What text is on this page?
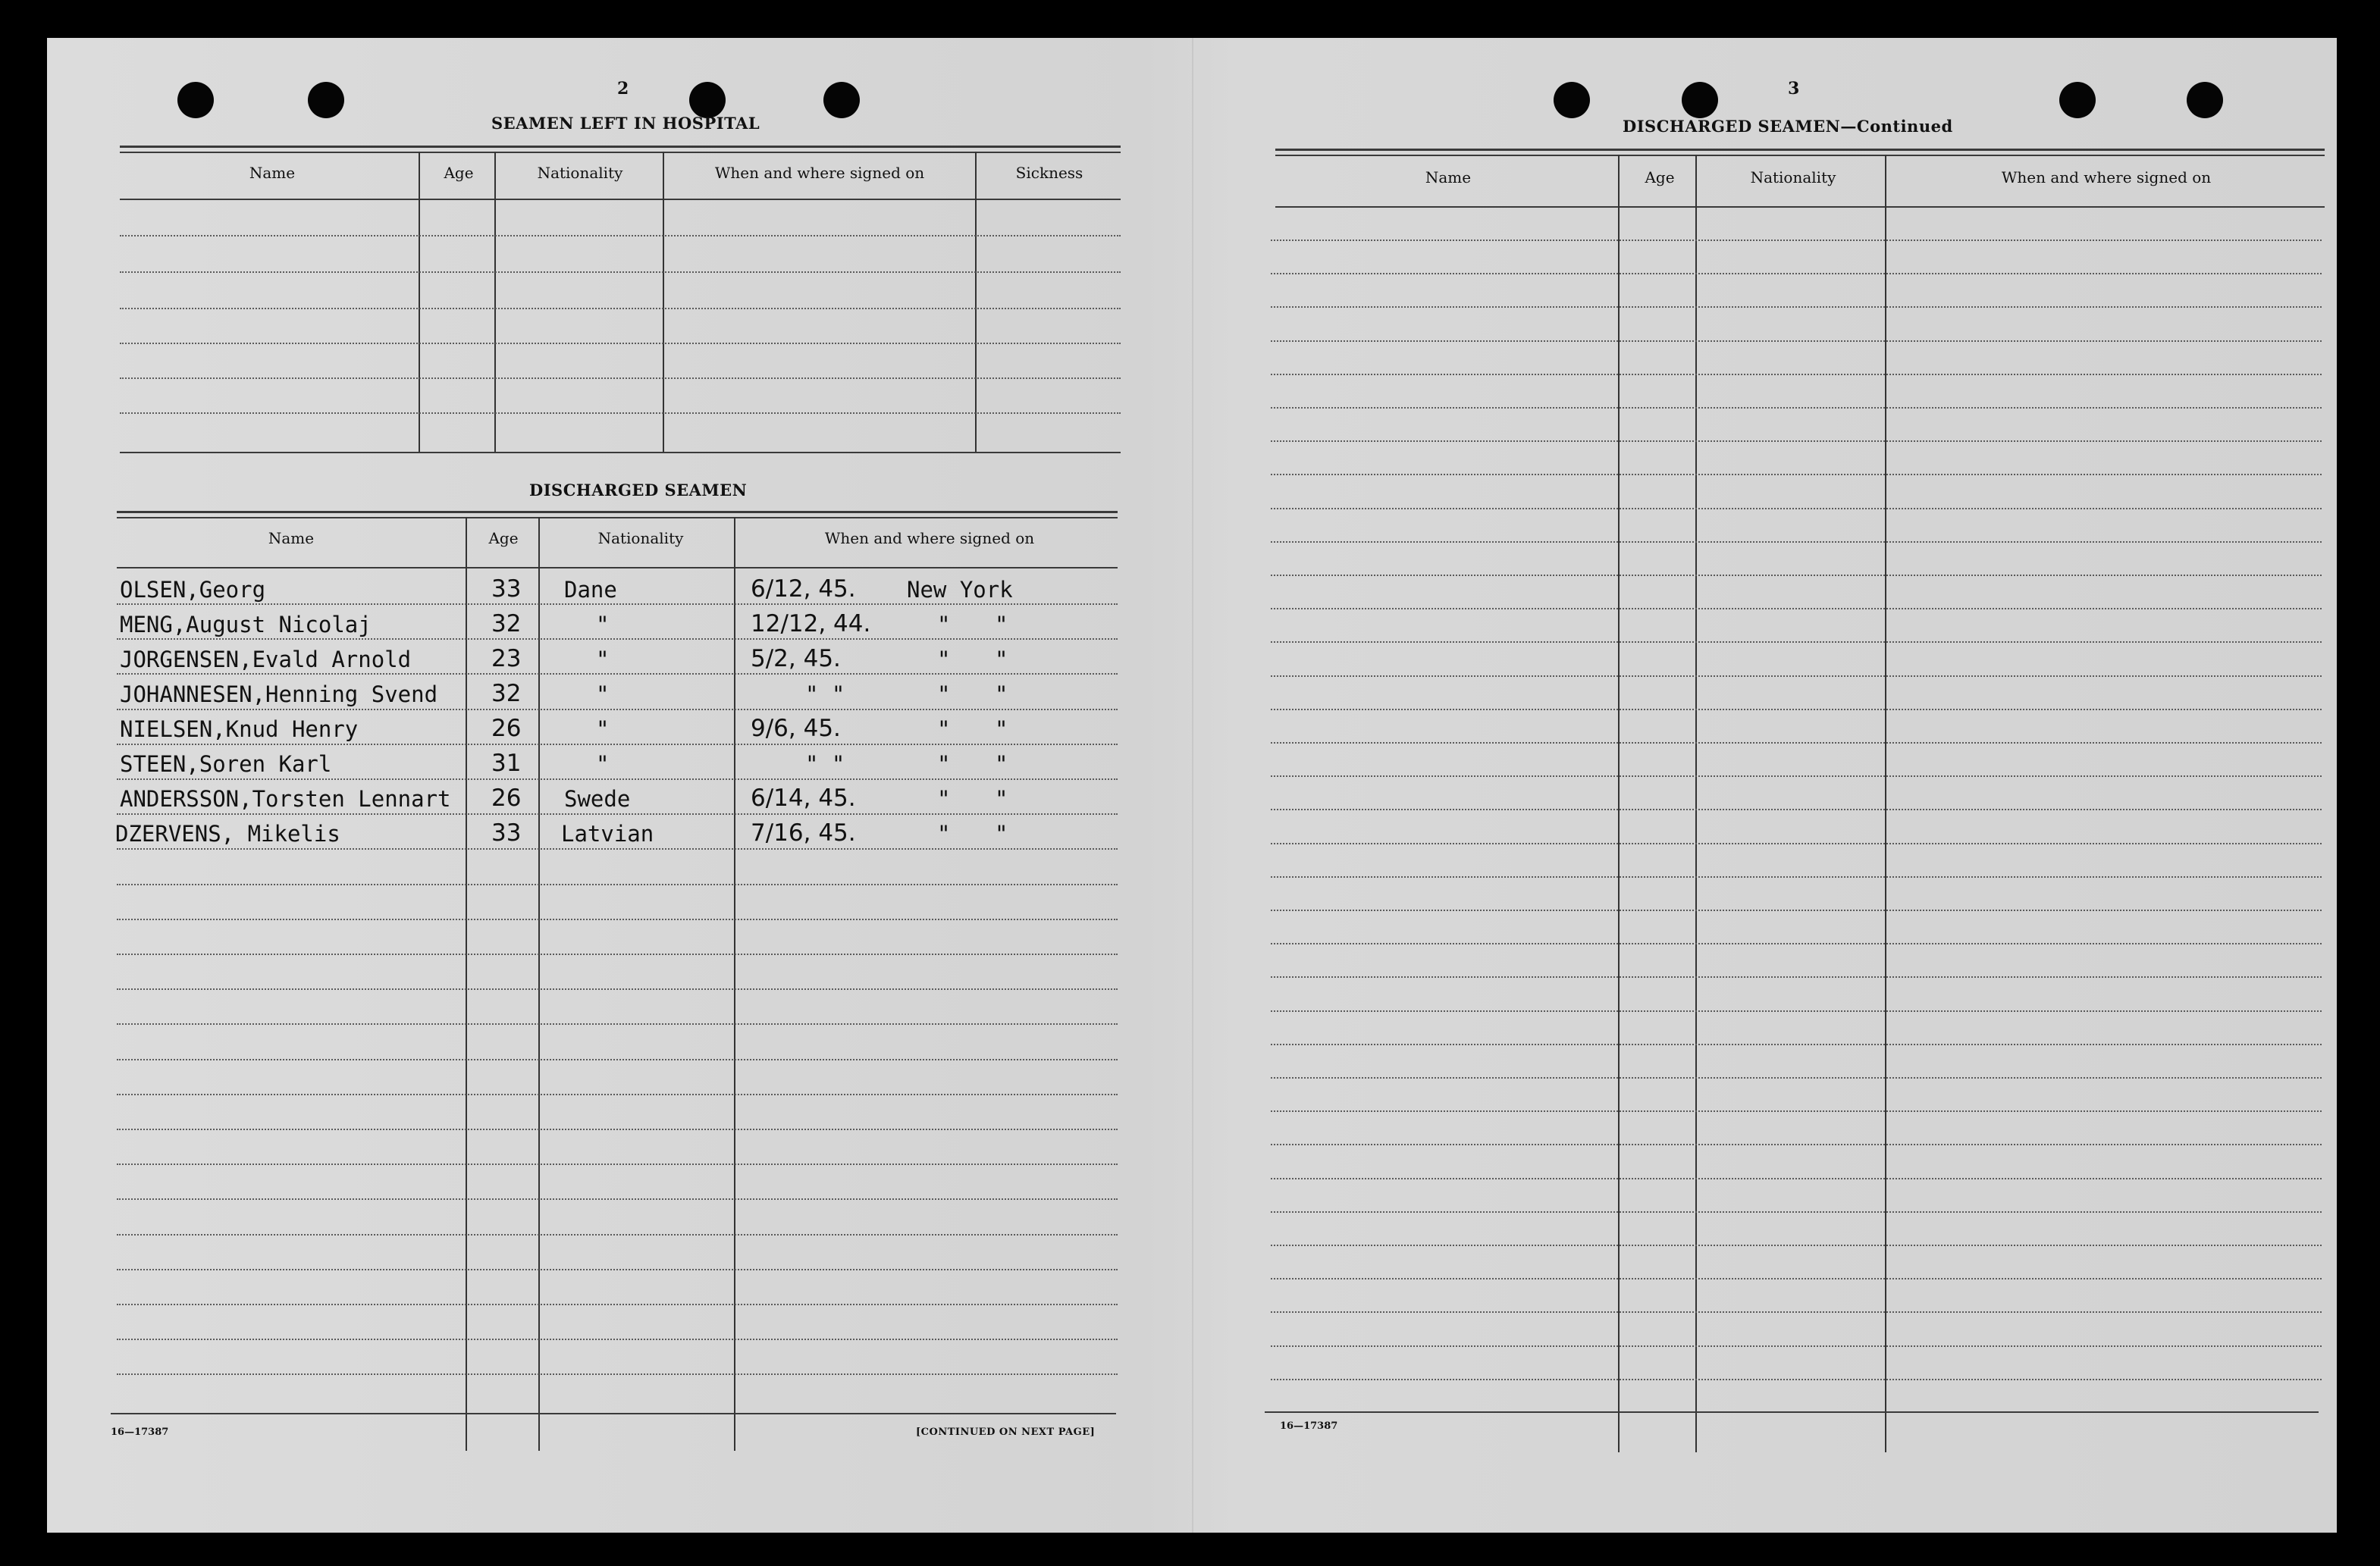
2
SEAMEN LEFT IN HOSPITAL
Name	Age	Nationality	When and where signed on	Sickness
DISCHARGED SEAMEN
Name	Age	Nationality	When and where signed on
OLSEN,Georg	33 Dane	6/12, 45. New York
MENG,August Nicolaj	32	"	12/12, 44.	" "
JORGENSEN,Evald Arnold	23	"	5/2, 45.	" "
JOHANNESEN,Henning Svend 32	"	" "	" "
NIELSEN,Knud Henry	26	"	9/6, 45.	" "
STEEN,Soren Karl	31	"	" "	" "
ANDERSSON,Torsten Lennart 26 Swede	6/14, 45.	" "
DZERVENS, Mikelis	33 Latvian	7/16, 45.	" "
16—17387	[CONTINUED ON NEXT PAGE]
3
DISCHARGED SEAMEN—Continued
Name	Age	Nationality	When and where signed on
16—17387
